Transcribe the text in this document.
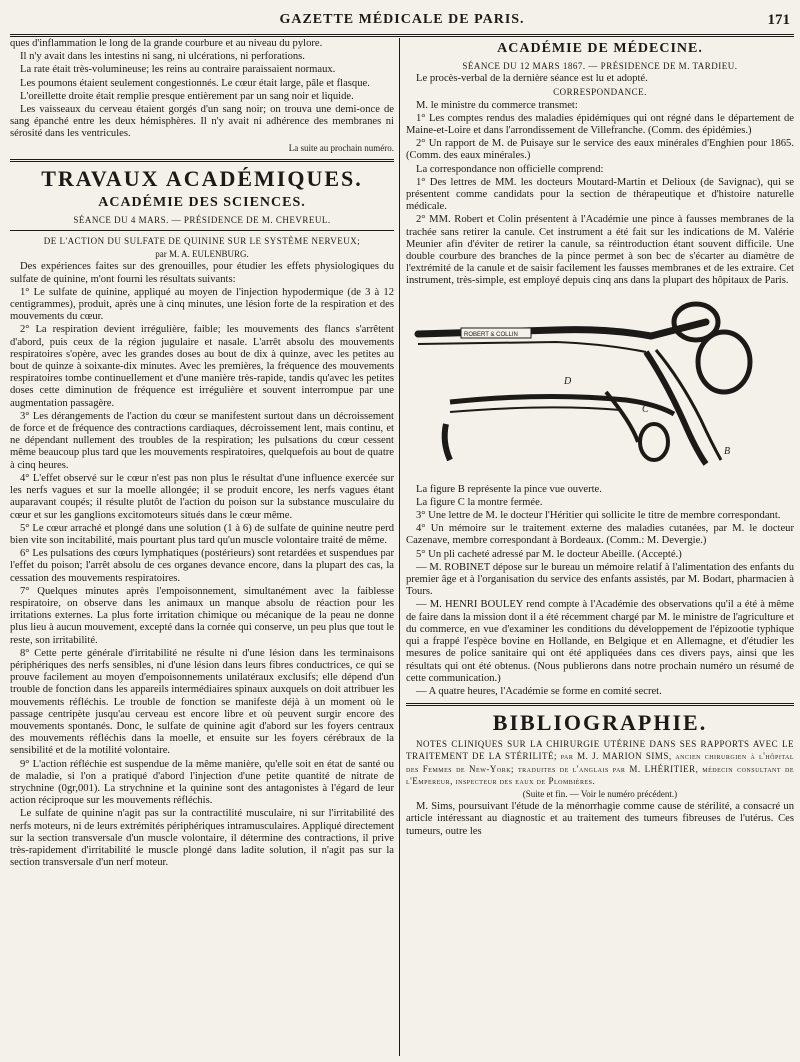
GAZETTE MÉDICALE DE PARIS.	171

ques d'inflammation le long de la grande courbure et au niveau du pylore.

Il n'y avait dans les intestins ni sang, ni ulcérations, ni perforations.

La rate était très-volumineuse; les reins au contraire paraissaient normaux.

Les poumons étaient seulement congestionnés. Le cœur était large, pâle et flasque.

L'oreillette droite était remplie presque entièrement par un sang noir et liquide.

Les vaisseaux du cerveau étaient gorgés d'un sang noir; on trouva une demi-once de sang épanché entre les deux hémisphères. Il n'y avait ni adhérence des membranes ni sérosité dans les ventricules.

La suite au prochain numéro.

TRAVAUX ACADÉMIQUES.
ACADÉMIE DES SCIENCES.

SÉANCE DU 4 MARS. — PRÉSIDENCE DE M. CHEVREUL.

DE L'ACTION DU SULFATE DE QUININE SUR LE SYSTÈME NERVEUX;

par M. A. EULENBURG.

Des expériences faites sur des grenouilles, pour étudier les effets physiologiques du sulfate de quinine, m'ont fourni les résultats suivants:

1° Le sulfate de quinine, appliqué au moyen de l'injection hypodermique (de 3 à 12 centigrammes), produit, après une à cinq minutes, une lésion forte de la respiration et des mouvements du cœur.

2° La respiration devient irrégulière, faible; les mouvements des flancs s'arrêtent d'abord, puis ceux de la région jugulaire et nasale. L'arrêt absolu des mouvements respiratoires s'opère, avec les grandes doses au bout de dix à quinze, avec les petites au bout de quinze à soixante-dix minutes. Avec les premières, la fréquence des mouvements respiratoires tombe continuellement et d'une manière très-rapide, tandis qu'avec les petites doses cette diminution de fréquence est irrégulière et souvent interrompue par une augmentation passagère.

3° Les dérangements de l'action du cœur se manifestent surtout dans un décroissement de force et de fréquence des contractions cardiaques, décroissement lent, mais continu, et ne dépendant nullement des troubles de la respiration; les pulsations du cœur cessent même beaucoup plus tard que les mouvements respiratoires, quelquefois au bout de quatre à cinq heures.

4° L'effet observé sur le cœur n'est pas non plus le résultat d'une influence exercée sur les nerfs vagues et sur la moelle allongée; il se produit encore, les nerfs vagues étant auparavant coupés; il résulte plutôt de l'action du poison sur la substance musculaire du cœur et sur les ganglions excitomoteurs situés dans le cœur même.

5° Le cœur arraché et plongé dans une solution (1 à 6) de sulfate de quinine neutre perd bien vite son incitabilité, mais pourtant plus tard qu'un muscle volontaire traité de même.

6° Les pulsations des cœurs lymphatiques (postérieurs) sont retardées et suspendues par l'effet du poison; l'arrêt absolu de ces organes devance encore, dans la plupart des cas, la cessation des mouvements respiratoires.

7° Quelques minutes après l'empoisonnement, simultanément avec la faiblesse respiratoire, on observe dans les animaux un manque absolu de réaction pour les irritations externes. La plus forte irritation chimique ou mécanique de la peau ne donne plus lieu à aucun mouvement, excepté dans la cornée qui conserve, un peu plus que tout le reste, son irritabilité.

8° Cette perte générale d'irritabilité ne résulte ni d'une lésion dans les terminaisons périphériques des nerfs sensibles, ni d'une lésion dans leurs fibres conductrices, ce qui se prouve facilement au moyen d'empoisonnements unilatéraux exclusifs; elle dépend d'un trouble de fonction dans les appareils intermédiaires spinaux auxquels on doit attribuer les mouvements réfléchis. Le trouble de fonction se manifeste déjà à un moment où le passage centripète jusqu'au cerveau est encore libre et où peuvent surgir encore des mouvements spontanés. Donc, le sulfate de quinine agit d'abord sur les foyers centraux des mouvements réfléchis dans la moelle, et ensuite sur les foyers cérébraux de la sensibilité et de la motilité volontaire.

9° L'action réfléchie est suspendue de la même manière, qu'elle soit en état de santé ou de maladie, si l'on a pratiqué d'abord l'injection d'une petite quantité de nitrate de strychnine (0gr,001). La strychnine et la quinine sont des antagonistes à l'égard de leur action réciproque sur les mouvements réfléchis.

Le sulfate de quinine n'agit pas sur la contractilité musculaire, ni sur l'irritabilité des nerfs moteurs, ni de leurs extrémités périphériques intramusculaires. Appliqué directement sur la section transversale d'un muscle volontaire, il détermine des contractions, il prive très-rapidement d'irritabilité le muscle plongé dans ladite solution, il n'agit pas sur la section transversale d'un nerf moteur.

ACADÉMIE DE MÉDECINE.

SÉANCE DU 12 MARS 1867. — PRÉSIDENCE DE M. TARDIEU.

Le procès-verbal de la dernière séance est lu et adopté.

CORRESPONDANCE.

M. le ministre du commerce transmet:

1° Les comptes rendus des maladies épidémiques qui ont régné dans le département de Maine-et-Loire et dans l'arrondissement de Villefranche. (Comm. des épidémies.)

2° Un rapport de M. de Puisaye sur le service des eaux minérales d'Enghien pour 1865. (Comm. des eaux minérales.)

La correspondance non officielle comprend:

1° Des lettres de MM. les docteurs Moutard-Martin et Delioux (de Savignac), qui se présentent comme candidats pour la section de thérapeutique et d'histoire naturelle médicale.

2° MM. Robert et Colin présentent à l'Académie une pince à fausses membranes de la trachée sans retirer la canule. Cet instrument a été fait sur les indications de M. Valérie Meunier afin d'éviter de retirer la canule, sa réintroduction étant souvent difficile. Une double courbure des branches de la pince permet à son bec de s'écarter au diamètre de l'extrémité de la canule et de saisir facilement les fausses membranes et de les extraire. Cet instrument, très-simple, est employé depuis cinq ans dans la plupart des hôpitaux de Paris.

ROBERT & COLLIN
D
C
B

La figure B représente la pince vue ouverte.

La figure C la montre fermée.

3° Une lettre de M. le docteur l'Héritier qui sollicite le titre de membre correspondant.

4° Un mémoire sur le traitement externe des maladies cutanées, par M. le docteur Cazenave, membre correspondant à Bordeaux. (Comm.: M. Devergie.)

5° Un pli cacheté adressé par M. le docteur Abeille. (Accepté.)

— M. ROBINET dépose sur le bureau un mémoire relatif à l'alimentation des enfants du premier âge et à l'organisation du service des enfants assistés, par M. Bodart, pharmacien à Tours.

— M. HENRI BOULEY rend compte à l'Académie des observations qu'il a été à même de faire dans la mission dont il a été récemment chargé par M. le ministre de l'agriculture et du commerce, en vue d'examiner les conditions du développement de l'épizootie typhique qui a frappé l'espèce bovine en Hollande, en Belgique et en Allemagne, et d'étudier les mesures de police sanitaire qui ont été appliquées dans ces divers pays, ainsi que les résultats qui ont été obtenus. (Nous publierons dans notre prochain numéro un résumé de cette communication.)

— A quatre heures, l'Académie se forme en comité secret.

BIBLIOGRAPHIE.

NOTES CLINIQUES SUR LA CHIRURGIE UTÉRINE DANS SES RAPPORTS AVEC LE TRAITEMENT DE LA STÉRILITÉ; par M. J. MARION SIMS, ancien chirurgien à l'hôpital des Femmes de New-York; traduites de l'anglais par M. LHÉRITIER, médecin consultant de l'Empereur, inspecteur des eaux de Plombières.

(Suite et fin. — Voir le numéro précédent.)

M. Sims, poursuivant l'étude de la ménorrhagie comme cause de stérilité, a consacré un article intéressant au diagnostic et au traitement des tumeurs fibreuses de l'utérus. Ces tumeurs, outre les
